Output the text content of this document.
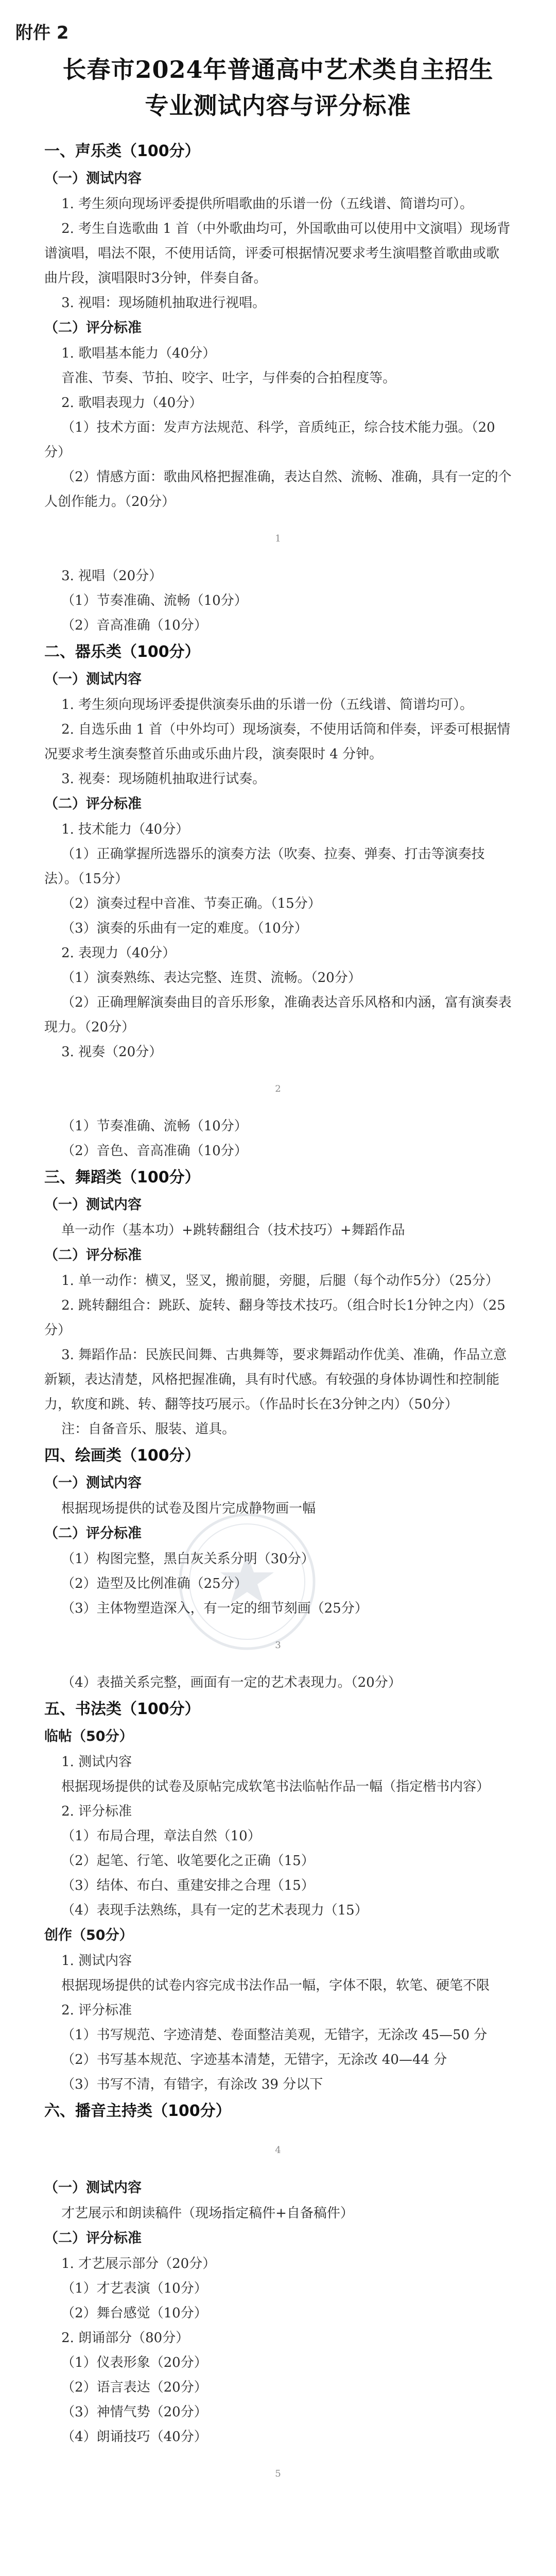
附件 2
长春市2024年普通高中艺术类自主招生
专业测试内容与评分标准
一、声乐类（100分）
（一）测试内容
1. 考生须向现场评委提供所唱歌曲的乐谱一份（五线谱、简谱均可）。
2. 考生自选歌曲 1 首（中外歌曲均可，外国歌曲可以使用中文演唱）现场背谱演唱，唱法不限，不使用话筒，评委可根据情况要求考生演唱整首歌曲或歌曲片段，演唱限时3分钟，伴奏自备。
3. 视唱：现场随机抽取进行视唱。
（二）评分标准
1. 歌唱基本能力（40分）
音准、节奏、节拍、咬字、吐字，与伴奏的合拍程度等。
2. 歌唱表现力（40分）
（1）技术方面：发声方法规范、科学，音质纯正，综合技术能力强。（20分）
（2）情感方面：歌曲风格把握准确，表达自然、流畅、准确，具有一定的个人创作能力。（20分）
1
3. 视唱（20分）
（1）节奏准确、流畅（10分）
（2）音高准确（10分）
二、器乐类（100分）
（一）测试内容
1. 考生须向现场评委提供演奏乐曲的乐谱一份（五线谱、简谱均可）。
2. 自选乐曲 1 首（中外均可）现场演奏，不使用话筒和伴奏，评委可根据情况要求考生演奏整首乐曲或乐曲片段，演奏限时 4 分钟。
3. 视奏：现场随机抽取进行试奏。
（二）评分标准
1. 技术能力（40分）
（1）正确掌握所选器乐的演奏方法（吹奏、拉奏、弹奏、打击等演奏技法）。（15分）
（2）演奏过程中音准、节奏正确。（15分）
（3）演奏的乐曲有一定的难度。（10分）
2. 表现力（40分）
（1）演奏熟练、表达完整、连贯、流畅。（20分）
（2）正确理解演奏曲目的音乐形象，准确表达音乐风格和内涵，富有演奏表现力。（20分）
3. 视奏（20分）
2
（1）节奏准确、流畅（10分）
（2）音色、音高准确（10分）
三、舞蹈类（100分）
（一）测试内容
单一动作（基本功）+跳转翻组合（技术技巧）+舞蹈作品
（二）评分标准
1. 单一动作：横叉，竖叉，搬前腿，旁腿，后腿（每个动作5分）（25分）
2. 跳转翻组合：跳跃、旋转、翻身等技术技巧。（组合时长1分钟之内）（25分）
3. 舞蹈作品：民族民间舞、古典舞等，要求舞蹈动作优美、准确，作品立意新颖，表达清楚，风格把握准确，具有时代感。有较强的身体协调性和控制能力，软度和跳、转、翻等技巧展示。（作品时长在3分钟之内）（50分）
注：自备音乐、服装、道具。
四、绘画类（100分）
（一）测试内容
根据现场提供的试卷及图片完成静物画一幅
（二）评分标准
（1）构图完整，黑白灰关系分明（30分）
（2）造型及比例准确（25分）
（3）主体物塑造深入，有一定的细节刻画（25分）
3
（4）表描关系完整，画面有一定的艺术表现力。（20分）
五、书法类（100分）
临帖（50分）
1. 测试内容
根据现场提供的试卷及原帖完成软笔书法临帖作品一幅（指定楷书内容）
2. 评分标准
（1）布局合理，章法自然（10）
（2）起笔、行笔、收笔要化之正确（15）
（3）结体、布白、重建安排之合理（15）
（4）表现手法熟练，具有一定的艺术表现力（15）
创作（50分）
1. 测试内容
根据现场提供的试卷内容完成书法作品一幅，字体不限，软笔、硬笔不限
2. 评分标准
（1）书写规范、字迹清楚、卷面整洁美观，无错字，无涂改 45—50 分
（2）书写基本规范、字迹基本清楚，无错字，无涂改 40—44 分
（3）书写不清，有错字，有涂改 39 分以下
六、播音主持类（100分）
4
（一）测试内容
才艺展示和朗读稿件（现场指定稿件+自备稿件）
（二）评分标准
1. 才艺展示部分（20分）
（1）才艺表演（10分）
（2）舞台感觉（10分）
2. 朗诵部分（80分）
（1）仪表形象（20分）
（2）语言表达（20分）
（3）神情气势（20分）
（4）朗诵技巧（40分）
5
